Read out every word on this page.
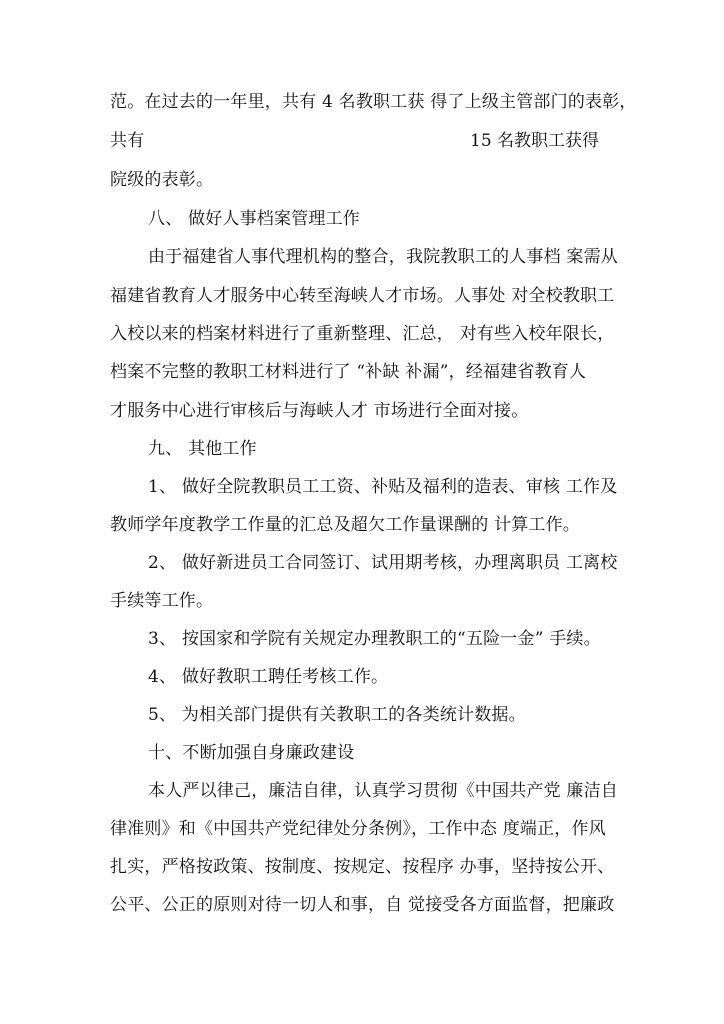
范。在过去的一年里，共有 4 名教职工获 得了上级主管部门的表彰，
共有	15 名教职工获得
院级的表彰。
八、 做好人事档案管理工作
由于福建省人事代理机构的整合，我院教职工的人事档 案需从
福建省教育人才服务中心转至海峡人才市场。人事处 对全校教职工
入校以来的档案材料进行了重新整理、汇总， 对有些入校年限长，
档案不完整的教职工材料进行了 “补缺 补漏”，经福建省教育人
才服务中心进行审核后与海峡人才 市场进行全面对接。
九、 其他工作
1、 做好全院教职员工工资、补贴及福利的造表、审核 工作及
教师学年度教学工作量的汇总及超欠工作量课酬的 计算工作。
2、 做好新进员工合同签订、试用期考核，办理离职员 工离校
手续等工作。
3、 按国家和学院有关规定办理教职工的“五险一金” 手续。
4、 做好教职工聘任考核工作。
5、 为相关部门提供有关教职工的各类统计数据。
十、不断加强自身廉政建设
本人严以律己，廉洁自律，认真学习贯彻《中国共产党 廉洁自
律准则》和《中国共产党纪律处分条例》，工作中态 度端正，作风
扎实，严格按政策、按制度、按规定、按程序 办事，坚持按公开、
公平、公正的原则对待一切人和事，自 觉接受各方面监督，把廉政
